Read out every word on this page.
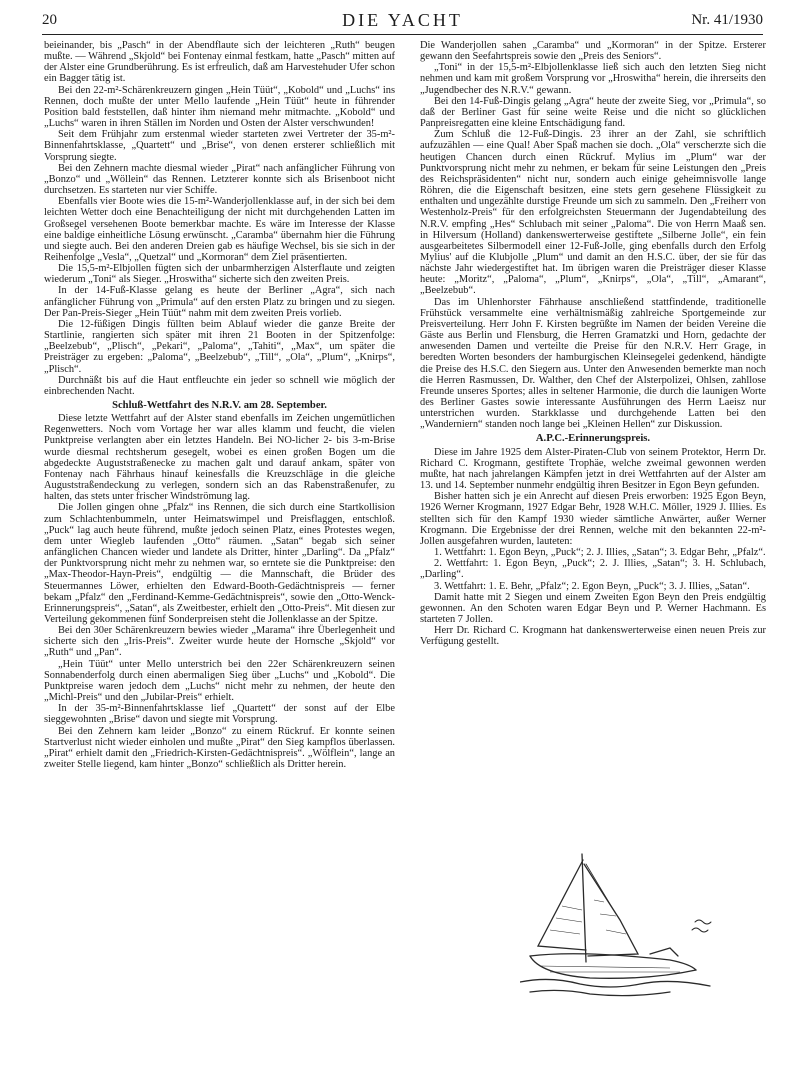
20	DIE YACHT	Nr. 41/1930

beieinander, bis „Pasch“ in der Abendflaute sich der leichteren „Ruth“ beugen mußte. — Während „Skjold“ bei Fontenay einmal festkam, hatte „Pasch“ mitten auf der Alster eine Grundberührung. Es ist erfreulich, daß am Harvestehuder Ufer schon ein Bagger tätig ist.

Bei den 22-m²-Schärenkreuzern gingen „Hein Tüüt“, „Kobold“ und „Luchs“ ins Rennen, doch mußte der unter Mello laufende „Hein Tüüt“ heute in führender Position bald feststellen, daß hinter ihm niemand mehr mitmachte. „Kobold“ und „Luchs“ waren in ihren Ställen im Norden und Osten der Alster verschwunden!

Seit dem Frühjahr zum erstenmal wieder starteten zwei Vertreter der 35-m²-Binnenfahrtsklasse, „Quartett“ und „Brise“, von denen ersterer schließlich mit Vorsprung siegte.

Bei den Zehnern machte diesmal wieder „Pirat“ nach anfänglicher Führung von „Bonzo“ und „Wöllein“ das Rennen. Letzterer konnte sich als Brisenboot nicht durchsetzen. Es starteten nur vier Schiffe.

Ebenfalls vier Boote wies die 15-m²-Wanderjollenklasse auf, in der sich bei dem leichten Wetter doch eine Benachteiligung der nicht mit durchgehenden Latten im Großsegel versehenen Boote bemerkbar machte. Es wäre im Interesse der Klasse eine baldige einheitliche Lösung erwünscht. „Caramba“ übernahm hier die Führung und siegte auch. Bei den anderen Dreien gab es häufige Wechsel, bis sie sich in der Reihenfolge „Vesla“, „Quetzal“ und „Kormoran“ dem Ziel präsentierten.

Die 15,5-m²-Elbjollen fügten sich der unbarmherzigen Alsterflaute und zeigten wiederum „Toni“ als Sieger. „Hroswitha“ sicherte sich den zweiten Preis.

In der 14-Fuß-Klasse gelang es heute der Berliner „Agra“, sich nach anfänglicher Führung von „Primula“ auf den ersten Platz zu bringen und zu siegen. Der Pan-Preis-Sieger „Hein Tüüt“ nahm mit dem zweiten Preis vorlieb.

Die 12-füßigen Dingis füllten beim Ablauf wieder die ganze Breite der Startlinie, rangierten sich später mit ihren 21 Booten in der Spitzenfolge: „Beelzebub“, „Plisch“, „Pekari“, „Paloma“, „Tahiti“, „Max“, um später die Preisträger zu ergeben: „Paloma“, „Beelzebub“, „Till“, „Ola“, „Plum“, „Knirps“, „Plisch“.

Durchnäßt bis auf die Haut entfleuchte ein jeder so schnell wie möglich der einbrechenden Nacht.

Schluß-Wettfahrt des N.R.V. am 28. September.

Diese letzte Wettfahrt auf der Alster stand ebenfalls im Zeichen ungemütlichen Regenwetters. Noch vom Vortage her war alles klamm und feucht, die vielen Punktpreise verlangten aber ein letztes Handeln. Bei NO-licher 2- bis 3-m-Brise wurde diesmal rechtsherum gesegelt, wobei es einen großen Bogen um die abgedeckte Auguststraßenecke zu machen galt und darauf ankam, später von Fontenay nach Fährhaus hinauf keinesfalls die Kreuzschläge in die gleiche Auguststraßendeckung zu verlegen, sondern sich an das Rabenstraßenufer, zu halten, das stets unter frischer Windströmung lag.

Die Jollen gingen ohne „Pfalz“ ins Rennen, die sich durch eine Startkollision zum Schlachtenbummeln, unter Heimatswimpel und Preisflaggen, entschloß. „Puck“ lag auch heute führend, mußte jedoch seinen Platz, eines Protestes wegen, dem unter Wiegleb laufenden „Otto“ räumen. „Satan“ begab sich seiner anfänglichen Chancen wieder und landete als Dritter, hinter „Darling“. Da „Pfalz“ der Punktvorsprung nicht mehr zu nehmen war, so erntete sie die Punktpreise: den „Max-Theodor-Hayn-Preis“, endgültig — die Mannschaft, die Brüder des Steuermannes Löwer, erhielten den Edward-Booth-Gedächtnispreis — ferner bekam „Pfalz“ den „Ferdinand-Kemme-Gedächtnispreis“, sowie den „Otto-Wenck-Erinnerungspreis“, „Satan“, als Zweitbester, erhielt den „Otto-Preis“. Mit diesen zur Verteilung gekommenen fünf Sonderpreisen steht die Jollenklasse an der Spitze.

Bei den 30er Schärenkreuzern bewies wieder „Marama“ ihre Überlegenheit und sicherte sich den „Iris-Preis“. Zweiter wurde heute der Hornsche „Skjold“ vor „Ruth“ und „Pan“.

„Hein Tüüt“ unter Mello unterstrich bei den 22er Schärenkreuzern seinen Sonnabenderfolg durch einen abermaligen Sieg über „Luchs“ und „Kobold“. Die Punktpreise waren jedoch dem „Luchs“ nicht mehr zu nehmen, der heute den „Michl-Preis“ und den „Jubilar-Preis“ erhielt.

In der 35-m²-Binnenfahrtsklasse lief „Quartett“ der sonst auf der Elbe sieggewohnten „Brise“ davon und siegte mit Vorsprung.

Bei den Zehnern kam leider „Bonzo“ zu einem Rückruf. Er konnte seinen Startverlust nicht wieder einholen und mußte „Pirat“ den Sieg kampflos überlassen. „Pirat“ erhielt damit den „Friedrich-Kirsten-Gedächtnispreis“. „Wölflein“, lange an zweiter Stelle liegend, kam hinter „Bonzo“ schließlich als Dritter herein.

Die Wanderjollen sahen „Caramba“ und „Kormoran“ in der Spitze. Ersterer gewann den Seefahrtspreis sowie den „Preis des Seniors“.

„Toni“ in der 15,5-m²-Elbjollenklasse ließ sich auch den letzten Sieg nicht nehmen und kam mit großem Vorsprung vor „Hroswitha“ herein, die ihrerseits den „Jugendbecher des N.R.V.“ gewann.

Bei den 14-Fuß-Dingis gelang „Agra“ heute der zweite Sieg, vor „Primula“, so daß der Berliner Gast für seine weite Reise und die nicht so glücklichen Panpreisregatten eine kleine Entschädigung fand.

Zum Schluß die 12-Fuß-Dingis. 23 ihrer an der Zahl, sie schriftlich aufzuzählen — eine Qual! Aber Spaß machen sie doch. „Ola“ verscherzte sich die heutigen Chancen durch einen Rückruf. Mylius im „Plum“ war der Punktvorsprung nicht mehr zu nehmen, er bekam für seine Leistungen den „Preis des Reichspräsidenten“ nicht nur, sondern auch einige geheimnisvolle lange Röhren, die die Eigenschaft besitzen, eine stets gern gesehene Flüssigkeit zu enthalten und ungezählte durstige Freunde um sich zu sammeln. Den „Freiherr von Westenholz-Preis“ für den erfolgreichsten Steuermann der Jugendabteilung des N.R.V. empfing „Hes“ Schlubach mit seiner „Paloma“. Die von Herrn Maaß sen. in Hilversum (Holland) dankenswerterweise gestiftete „Silberne Jolle“, ein fein ausgearbeitetes Silbermodell einer 12-Fuß-Jolle, ging ebenfalls durch den Erfolg Mylius' auf die Klubjolle „Plum“ und damit an den H.S.C. über, der sie für das nächste Jahr wiedergestiftet hat. Im übrigen waren die Preisträger dieser Klasse heute: „Moritz“, „Paloma“, „Plum“, „Knirps“, „Ola“, „Till“, „Amarant“, „Beelzebub“.

Das im Uhlenhorster Fährhause anschließend stattfindende, traditionelle Frühstück versammelte eine verhältnismäßig zahlreiche Sportgemeinde zur Preisverteilung. Herr John F. Kirsten begrüßte im Namen der beiden Vereine die Gäste aus Berlin und Flensburg, die Herren Gramatzki und Horn, gedachte der anwesenden Damen und verteilte die Preise für den N.R.V. Herr Grage, in beredten Worten besonders der hamburgischen Kleinsegelei gedenkend, händigte die Preise des H.S.C. den Siegern aus. Unter den Anwesenden bemerkte man noch die Herren Rasmussen, Dr. Walther, den Chef der Alsterpolizei, Ohlsen, zahllose Freunde unseres Sportes; alles in seltener Harmonie, die durch die launigen Worte des Berliner Gastes sowie interessante Ausführungen des Herrn Laeisz nur unterstrichen wurden. Starkklasse und durchgehende Latten bei den „Wanderniern“ standen noch lange bei „Kleinen Hellen“ zur Diskussion.

A.P.C.-Erinnerungspreis.

Diese im Jahre 1925 dem Alster-Piraten-Club von seinem Protektor, Herrn Dr. Richard C. Krogmann, gestiftete Trophäe, welche zweimal gewonnen werden mußte, hat nach jahrelangen Kämpfen jetzt in drei Wettfahrten auf der Alster am 13. und 14. September nunmehr endgültig ihren Besitzer in Egon Beyn gefunden.

Bisher hatten sich je ein Anrecht auf diesen Preis erworben: 1925 Egon Beyn, 1926 Werner Krogmann, 1927 Edgar Behr, 1928 W.H.C. Möller, 1929 J. Illies. Es stellten sich für den Kampf 1930 wieder sämtliche Anwärter, außer Werner Krogmann. Die Ergebnisse der drei Rennen, welche mit den bekannten 22-m²-Jollen ausgefahren wurden, lauteten:

1. Wettfahrt: 1. Egon Beyn, „Puck“; 2. J. Illies, „Satan“; 3. Edgar Behr, „Pfalz“.

2. Wettfahrt: 1. Egon Beyn, „Puck“; 2. J. Illies, „Satan“; 3. H. Schlubach, „Darling“.

3. Wettfahrt: 1. E. Behr, „Pfalz“; 2. Egon Beyn, „Puck“; 3. J. Illies, „Satan“.

Damit hatte mit 2 Siegen und einem Zweiten Egon Beyn den Preis endgültig gewonnen. An den Schoten waren Edgar Beyn und P. Werner Hachmann. Es starteten 7 Jollen.

Herr Dr. Richard C. Krogmann hat dankenswerterweise einen neuen Preis zur Verfügung gestellt.
